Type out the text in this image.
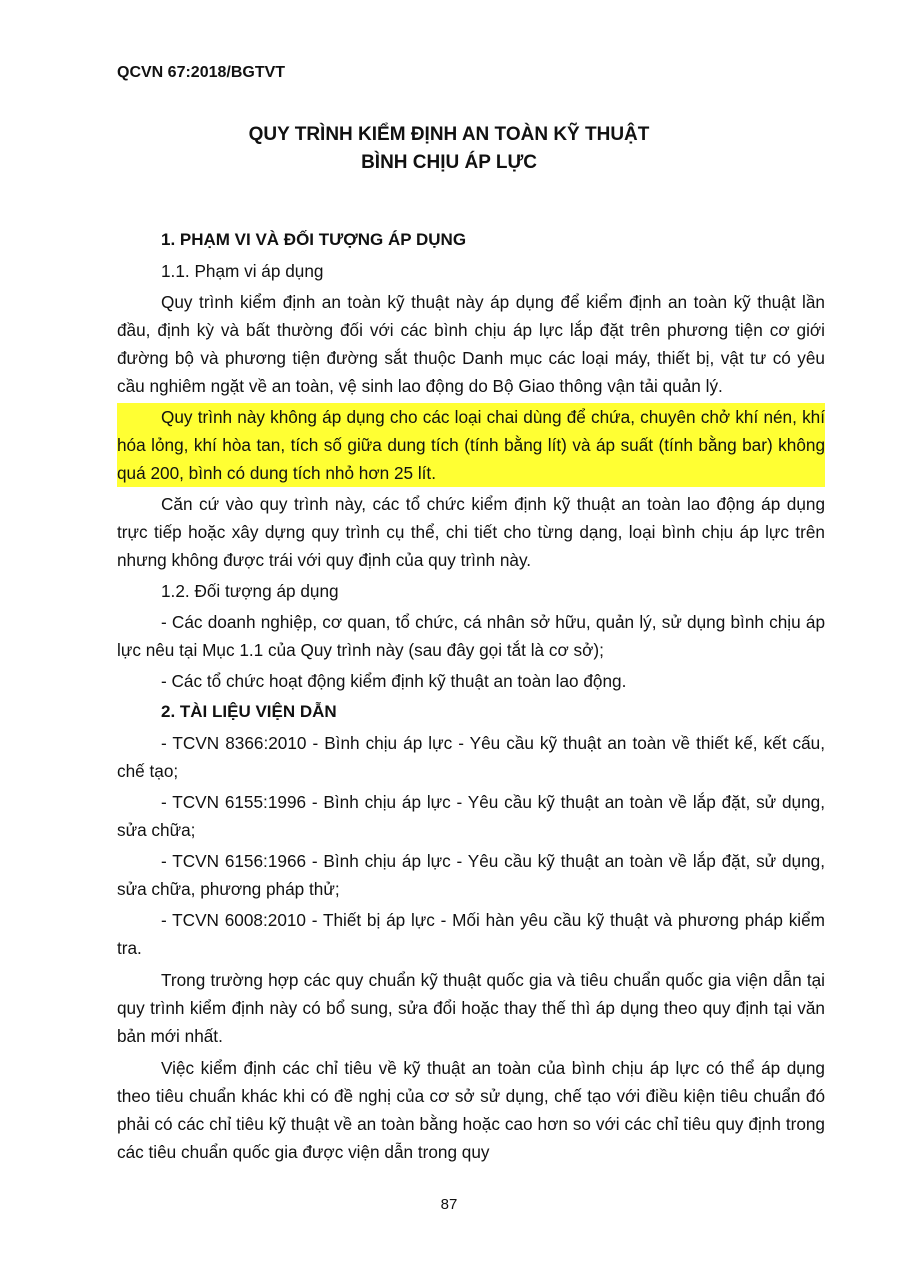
QCVN 67:2018/BGTVT
QUY TRÌNH KIỂM ĐỊNH AN TOÀN KỸ THUẬT
BÌNH CHỊU ÁP LỰC
1. PHẠM VI VÀ ĐỐI TƯỢNG ÁP DỤNG
1.1. Phạm vi áp dụng
Quy trình kiểm định an toàn kỹ thuật này áp dụng để kiểm định an toàn kỹ thuật lần đầu, định kỳ và bất thường đối với các bình chịu áp lực lắp đặt trên phương tiện cơ giới đường bộ và phương tiện đường sắt thuộc Danh mục các loại máy, thiết bị, vật tư có yêu cầu nghiêm ngặt về an toàn, vệ sinh lao động do Bộ Giao thông vận tải quản lý.
Quy trình này không áp dụng cho các loại chai dùng để chứa, chuyên chở khí nén, khí hóa lỏng, khí hòa tan, tích số giữa dung tích (tính bằng lít) và áp suất (tính bằng bar) không quá 200, bình có dung tích nhỏ hơn 25 lít.
Căn cứ vào quy trình này, các tổ chức kiểm định kỹ thuật an toàn lao động áp dụng trực tiếp hoặc xây dựng quy trình cụ thể, chi tiết cho từng dạng, loại bình chịu áp lực trên nhưng không được trái với quy định của quy trình này.
1.2. Đối tượng áp dụng
- Các doanh nghiệp, cơ quan, tổ chức, cá nhân sở hữu, quản lý, sử dụng bình chịu áp lực nêu tại Mục 1.1 của Quy trình này (sau đây gọi tắt là cơ sở);
- Các tổ chức hoạt động kiểm định kỹ thuật an toàn lao động.
2. TÀI LIỆU VIỆN DẪN
- TCVN 8366:2010 - Bình chịu áp lực - Yêu cầu kỹ thuật an toàn về thiết kế, kết cấu, chế tạo;
- TCVN 6155:1996 - Bình chịu áp lực - Yêu cầu kỹ thuật an toàn về lắp đặt, sử dụng, sửa chữa;
- TCVN 6156:1966 - Bình chịu áp lực - Yêu cầu kỹ thuật an toàn về lắp đặt, sử dụng, sửa chữa, phương pháp thử;
- TCVN 6008:2010 - Thiết bị áp lực - Mối hàn yêu cầu kỹ thuật và phương pháp kiểm tra.
Trong trường hợp các quy chuẩn kỹ thuật quốc gia và tiêu chuẩn quốc gia viện dẫn tại quy trình kiểm định này có bổ sung, sửa đổi hoặc thay thế thì áp dụng theo quy định tại văn bản mới nhất.
Việc kiểm định các chỉ tiêu về kỹ thuật an toàn của bình chịu áp lực có thể áp dụng theo tiêu chuẩn khác khi có đề nghị của cơ sở sử dụng, chế tạo với điều kiện tiêu chuẩn đó phải có các chỉ tiêu kỹ thuật về an toàn bằng hoặc cao hơn so với các chỉ tiêu quy định trong các tiêu chuẩn quốc gia được viện dẫn trong quy
87
